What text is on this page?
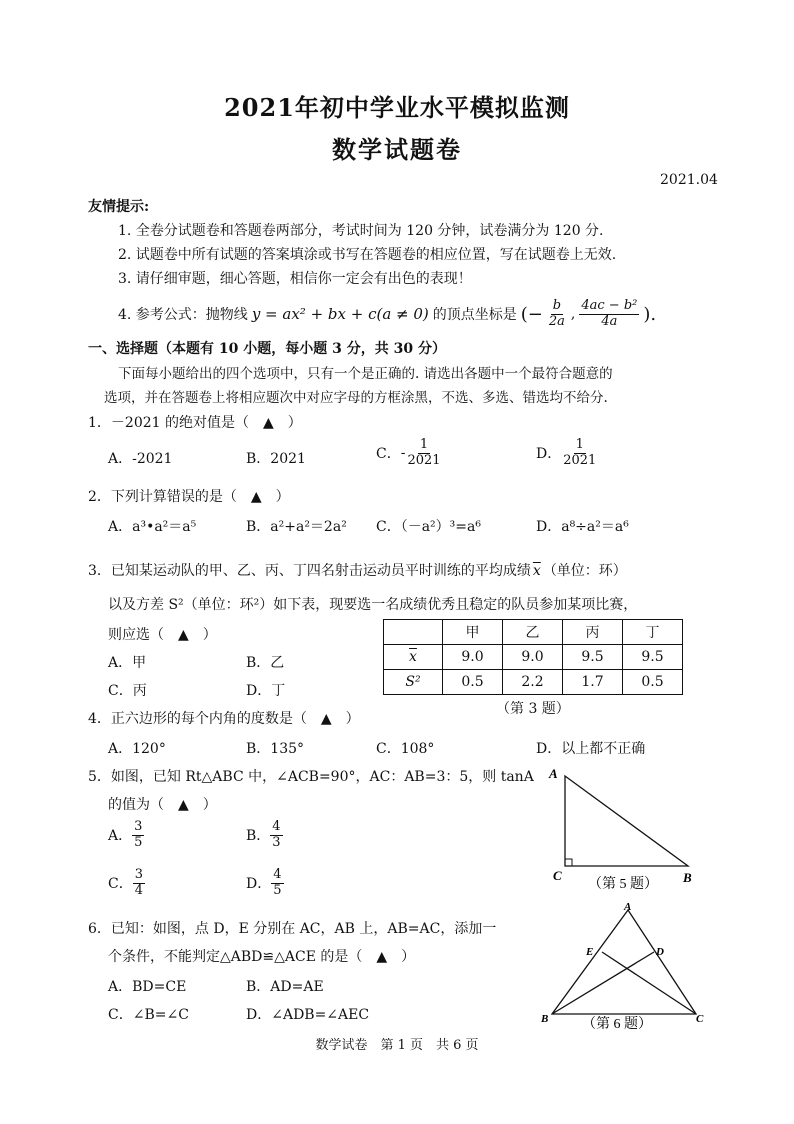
2021年初中学业水平模拟监测
数学试题卷
2021.04
友情提示:
1. 全卷分试题卷和答题卷两部分，考试时间为 120 分钟，试卷满分为 120 分.
2. 试题卷中所有试题的答案填涂或书写在答题卷的相应位置，写在试题卷上无效.
3. 请仔细审题，细心答题，相信你一定会有出色的表现！
4. 参考公式：抛物线 y = ax² + bx + c(a ≠ 0) 的顶点坐标是 (− $\frac{b}{2a}$ , $\frac{\text{4ac − b²}}{4a}$ ).
一、选择题（本题有 10 小题，每小题 3 分，共 30 分）
下面每小题给出的四个选项中，只有一个是正确的. 请选出各题中一个最符合题意的
选项，并在答题卷上将相应题次中对应字母的方框涂黑，不选、多选、错选均不给分.
1．－2021 的绝对值是（　▲　）
A．-2021	B．2021	C． - $\frac{1}{2021}$	D． $\frac{1}{2021}$
2．下列计算错误的是（　▲　）
A．a³•a²＝a⁵	B．a²+a²＝2a² C．（－a²）³=a⁶	D．a⁸÷a²＝a⁶
3．已知某运动队的甲、乙、丙、丁四名射击运动员平时训练的平均成绩 $\overline{x}$ （单位：环）
以及方差 S²（单位：环²）如下表，现要选一名成绩优秀且稳定的队员参加某项比赛，
则应选（　▲　）
A．甲	B．乙
C．丙	D．丁
	甲	乙	丙	丁
$\overline{x}$	9.0	9.0	9.5	9.5
S²	0.5	2.2	1.7	0.5
（第 3 题）
4．正六边形的每个内角的度数是（　▲　）
A．120°	B．135°	C．108°	D．以上都不正确
5．如图，已知 Rt△ABC 中，∠ACB=90°，AC：AB=3：5，则 tanA
的值为（　▲　）
A． $\frac{3}{5}$	B． $\frac{4}{3}$
C． $\frac{3}{4}$	D． $\frac{4}{5}$
A
C	B
（第 5 题）
6．已知：如图，点 D，E 分别在 AC，AB 上，AB=AC，添加一
个条件，不能判定△ABD≌△ACE 的是（　▲　）
A．BD=CE	B．AD=AE
C．∠B=∠C	D．∠ADB=∠AEC
A
E	D
B	C
（第 6 题）
数学试卷　第 1 页　共 6 页
